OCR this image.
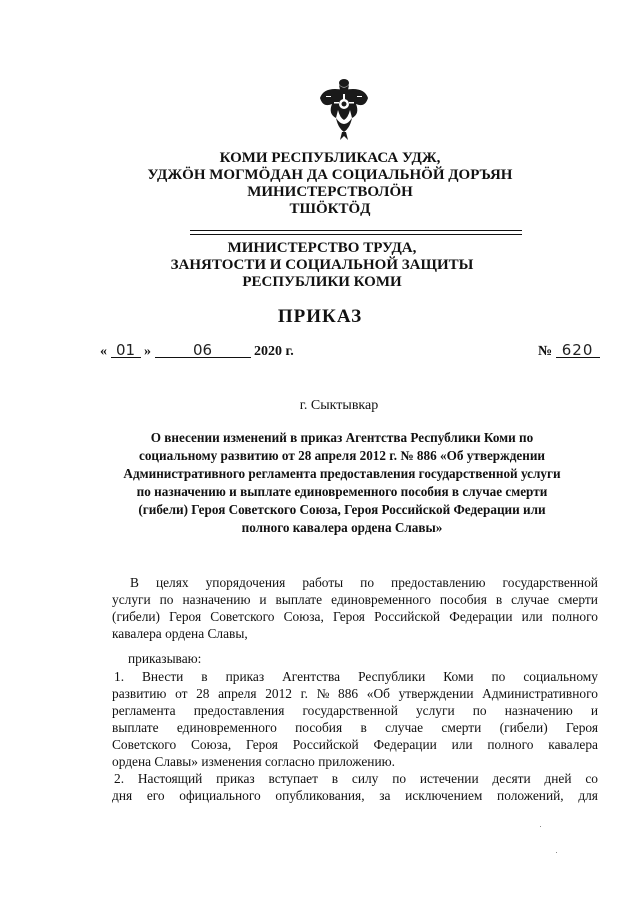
КОМИ РЕСПУБЛИКАСА УДЖ,
УДЖӦН МОГМӦДАН ДА СОЦИАЛЬНӦЙ ДОРЪЯН
МИНИСТЕРСТВОЛӦН
ТШӦКТӦД
МИНИСТЕРСТВО ТРУДА,
ЗАНЯТОСТИ И СОЦИАЛЬНОЙ ЗАЩИТЫ
РЕСПУБЛИКИ КОМИ
ПРИКАЗ
« 01 »	06	2020 г.	№ 620
г. Сыктывкар
О внесении изменений в приказ Агентства Республики Коми по
социальному развитию от 28 апреля 2012 г. № 886 «Об утверждении
Административного регламента предоставления государственной услуги
по назначению и выплате единовременного пособия в случае смерти
(гибели) Героя Советского Союза, Героя Российской Федерации или
полного кавалера ордена Славы»
В целях упорядочения работы по предоставлению государственной
услуги по назначению и выплате единовременного пособия в случае смерти
(гибели) Героя Советского Союза, Героя Российской Федерации или полного
кавалера ордена Славы,
приказываю:
1. Внести в приказ Агентства Республики Коми по социальному
развитию от 28 апреля 2012 г. № 886 «Об утверждении Административного
регламента предоставления государственной услуги по назначению и
выплате единовременного пособия в случае смерти (гибели) Героя
Советского Союза, Героя Российской Федерации или полного кавалера
ордена Славы» изменения согласно приложению.
2. Настоящий приказ вступает в силу по истечении десяти дней со
дня его официального опубликования, за исключением положений, для
